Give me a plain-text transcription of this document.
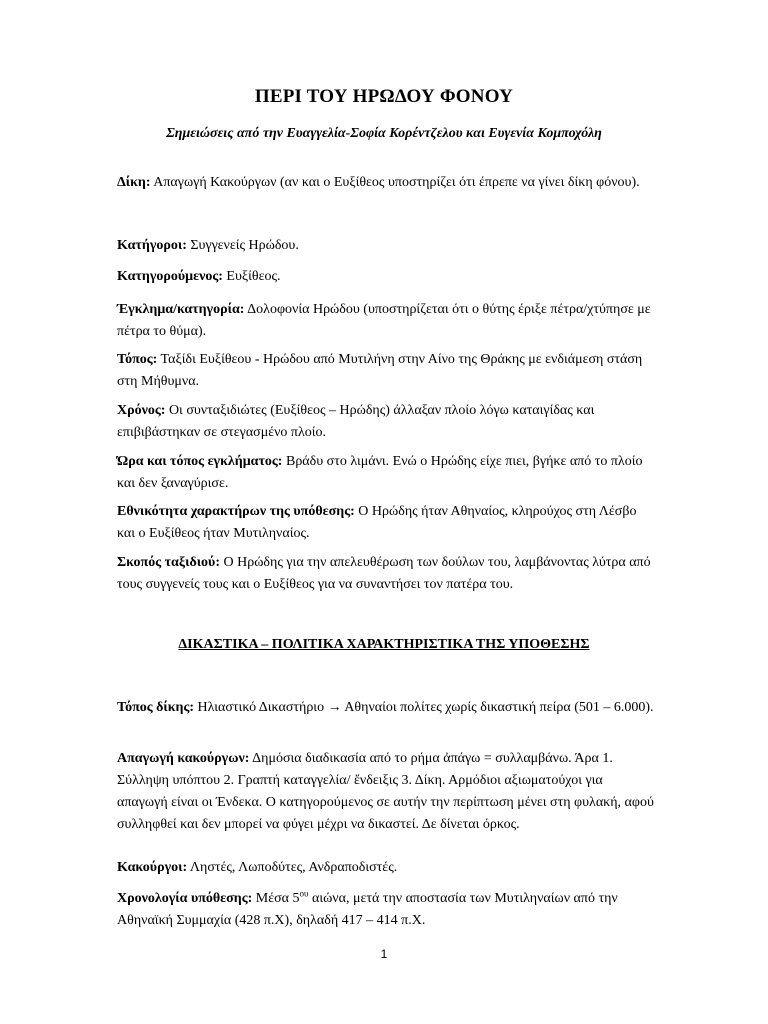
ΠΕΡΙ ΤΟΥ ΗΡΩΔΟΥ ΦΟΝΟΥ
Σημειώσεις από την Ευαγγελία-Σοφία Κορέντζελου και Ευγενία Κομποχόλη

Δίκη: Απαγωγή Κακούργων (αν και ο Ευξίθεος υποστηρίζει ότι έπρεπε να γίνει δίκη φόνου).

Κατήγοροι: Συγγενείς Ηρώδου.

Κατηγορούμενος: Ευξίθεος.

Έγκλημα/κατηγορία: Δολοφονία Ηρώδου (υποστηρίζεται ότι ο θύτης έριξε πέτρα/χτύπησε με πέτρα το θύμα).

Τόπος: Ταξίδι Ευξίθεου - Ηρώδου από Μυτιλήνη στην Αίνο της Θράκης με ενδιάμεση στάση στη Μήθυμνα.

Χρόνος: Οι συνταξιδιώτες (Ευξίθεος – Ηρώδης) άλλαξαν πλοίο λόγω καταιγίδας και επιβιβάστηκαν σε στεγασμένο πλοίο.

Ώρα και τόπος εγκλήματος: Βράδυ στο λιμάνι. Ενώ ο Ηρώδης είχε πιει, βγήκε από το πλοίο και δεν ξαναγύρισε.

Εθνικότητα χαρακτήρων της υπόθεσης: Ο Ηρώδης ήταν Αθηναίος, κληρούχος στη Λέσβο και ο Ευξίθεος ήταν Μυτιληναίος.

Σκοπός ταξιδιού: Ο Ηρώδης για την απελευθέρωση των δούλων του, λαμβάνοντας λύτρα από τους συγγενείς τους και ο Ευξίθεος για να συναντήσει τον πατέρα του.

ΔΙΚΑΣΤΙΚΑ – ΠΟΛΙΤΙΚΑ ΧΑΡΑΚΤΗΡΙΣΤΙΚΑ ΤΗΣ ΥΠΟΘΕΣΗΣ

Τόπος δίκης: Ηλιαστικό Δικαστήριο → Αθηναίοι πολίτες χωρίς δικαστική πείρα (501 – 6.000).

Απαγωγή κακούργων: Δημόσια διαδικασία από το ρήμα ἀπάγω = συλλαμβάνω. Άρα 1. Σύλληψη υπόπτου 2. Γραπτή καταγγελία/ ἔνδειξις 3. Δίκη. Αρμόδιοι αξιωματούχοι για απαγωγή είναι οι Ένδεκα. Ο κατηγορούμενος σε αυτήν την περίπτωση μένει στη φυλακή, αφού συλληφθεί και δεν μπορεί να φύγει μέχρι να δικαστεί. Δε δίνεται όρκος.

Κακούργοι: Ληστές, Λωποδύτες, Ανδραποδιστές.

Χρονολογία υπόθεσης: Μέσα $5^{o\upsilon}$ αιώνα, μετά την αποστασία των Μυτιληναίων από την Αθηναϊκή Συμμαχία (428 π.Χ), δηλαδή 417 – 414 π.Χ.

1
